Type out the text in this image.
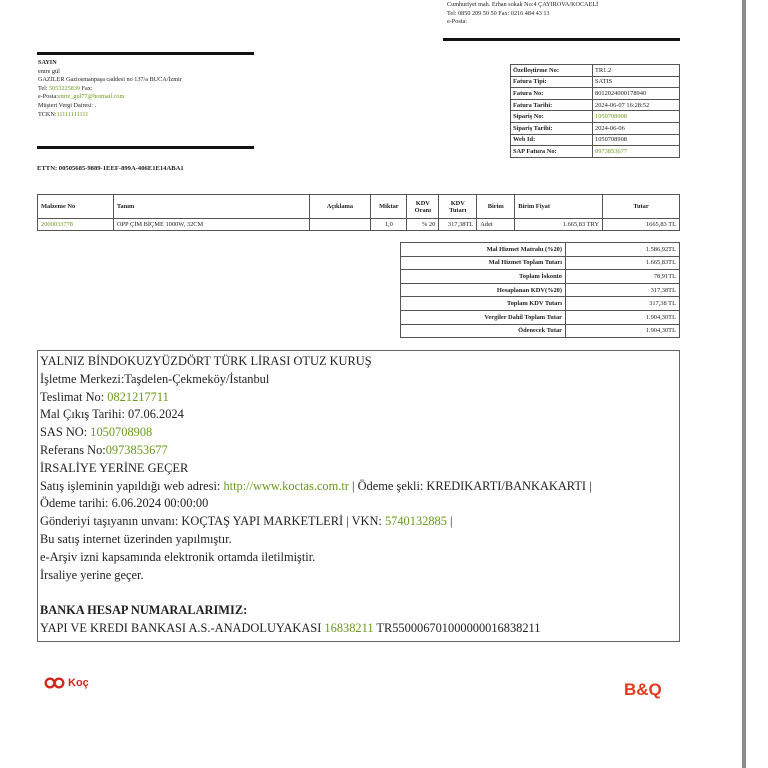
Cumhuriyet mah. Erhan sokak No:4 ÇAYIROVA/KOCAELİ
Tel: 0850 209 50 50 Fax: 0216 484 43 13
e-Posta:
SAYIN
emre gül
GAZİLER Gaziosmanpaşa caddesi no 137/a BUCA/İzmir
Tel: 5053225839 Fax:
e-Posta:emre_gul77@hotmail.com
Müşteri Vergi Dairesi: .
TCKN:11111111111
ETTN: 00505685-9889-1EEF-899A-406E1E14ABA1
Özelleştirme No:	TR1.2
Fatura Tipi:	SATIS
Fatura No:	8012024000178940
Fatura Tarihi:	2024-06-07 16:28:52
Sipariş No:	1050708908
Sipariş Tarihi:	2024-06-06
Web Id:	1050708908
SAP Fatura No:	0973853677
Malzeme No	Tanım	Açıklama	Miktar	KDV Oranı	KDV Tutarı	Birim	Birim Fiyat	Tutar
2000033778	OPP ÇİM BİÇME 1000W, 32CM		1,0	% 20	317,38TL	Adet	1.665,83 TRY	1665,83 TL
Mal Hizmet Matrahı (%20)	1.586,92TL
Mal Hizmet Toplam Tutarı	1.665,83TL
Toplam İskonto	78,91TL
Hesaplanan KDV(%20)	317,38TL
Toplam KDV Tutarı	317,38 TL
Vergiler Dahil Toplam Tutar	1.904,30TL
Ödenecek Tutar	1.904,30TL
YALNIZ BİNDOKUZYÜZDÖRT TÜRK LİRASI OTUZ KURUŞ
İşletme Merkezi:Taşdelen-Çekmeköy/İstanbul
Teslimat No: 0821217711
Mal Çıkış Tarihi: 07.06.2024
SAS NO: 1050708908
Referans No:0973853677
İRSALİYE YERİNE GEÇER
Satış işleminin yapıldığı web adresi: http://www.koctas.com.tr | Ödeme şekli: KREDIKARTI/BANKAKARTI |
Ödeme tarihi: 6.06.2024 00:00:00
Gönderiyi taşıyanın unvanı: KOÇTAŞ YAPI MARKETLERİ | VKN: 5740132885 |
Bu satış internet üzerinden yapılmıştır.
e-Arşiv izni kapsamında elektronik ortamda iletilmiştir.
İrsaliye yerine geçer.
BANKA HESAP NUMARALARIMIZ:
YAPI VE KREDI BANKASI A.S.-ANADOLUYAKASI 16838211 TR550006701000000016838211
Koç	B&Q
